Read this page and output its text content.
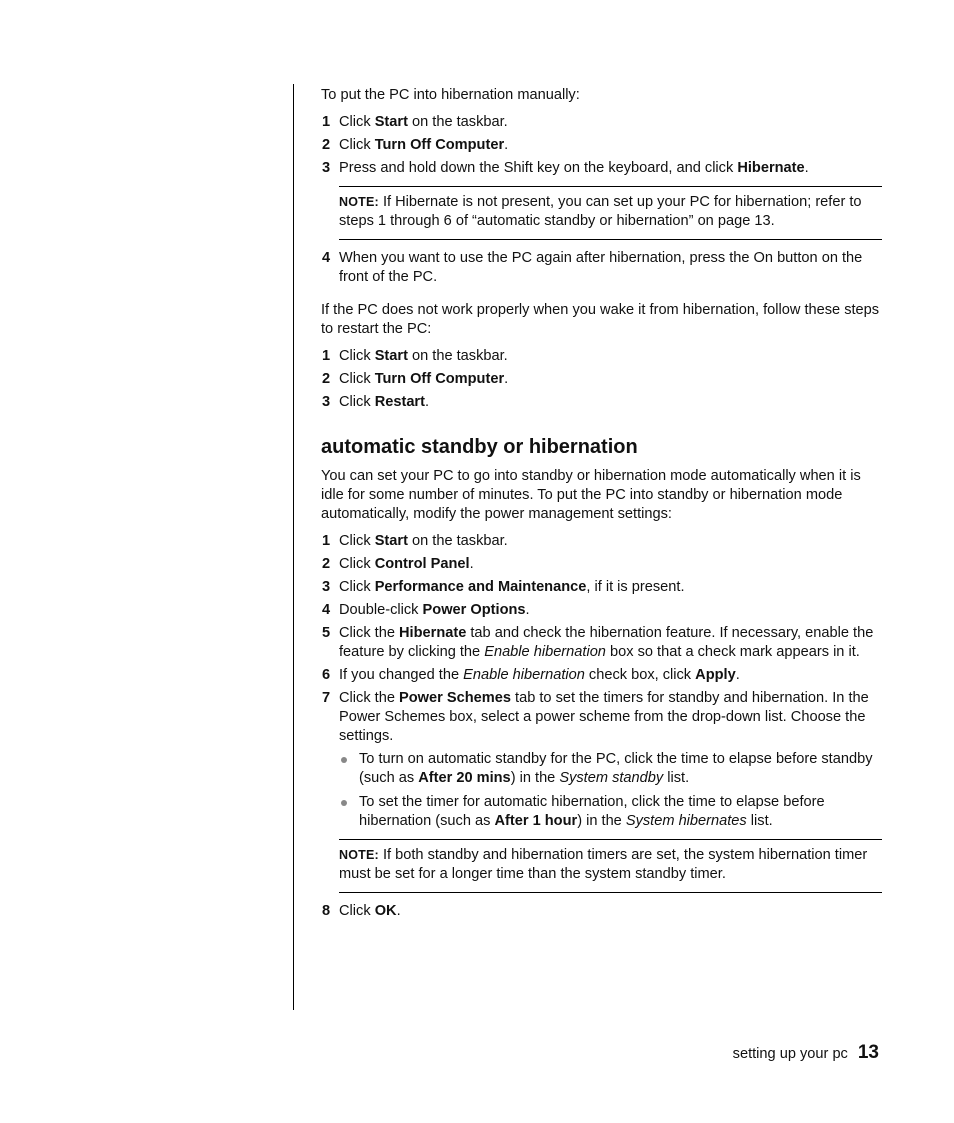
To put the PC into hibernation manually:

1 Click Start on the taskbar.
2 Click Turn Off Computer.
3 Press and hold down the Shift key on the keyboard, and click Hibernate.
NOTE: If Hibernate is not present, you can set up your PC for hibernation; refer to steps 1 through 6 of “automatic standby or hibernation” on page 13.
4 When you want to use the PC again after hibernation, press the On button on the front of the PC.

If the PC does not work properly when you wake it from hibernation, follow these steps to restart the PC:

1 Click Start on the taskbar.
2 Click Turn Off Computer.
3 Click Restart.
automatic standby or hibernation

You can set your PC to go into standby or hibernation mode automatically when it is idle for some number of minutes. To put the PC into standby or hibernation mode automatically, modify the power management settings:

1 Click Start on the taskbar.
2 Click Control Panel.
3 Click Performance and Maintenance, if it is present.
4 Double-click Power Options.
5 Click the Hibernate tab and check the hibernation feature. If necessary, enable the feature by clicking the Enable hibernation box so that a check mark appears in it.
6 If you changed the Enable hibernation check box, click Apply.
7 Click the Power Schemes tab to set the timers for standby and hibernation. In the Power Schemes box, select a power scheme from the drop-down list. Choose the settings.
To turn on automatic standby for the PC, click the time to elapse before standby (such as After 20 mins) in the System standby list.
To set the timer for automatic hibernation, click the time to elapse before hibernation (such as After 1 hour) in the System hibernates list.
NOTE: If both standby and hibernation timers are set, the system hibernation timer must be set for a longer time than the system standby timer.
8 Click OK.
setting up your pc 13
